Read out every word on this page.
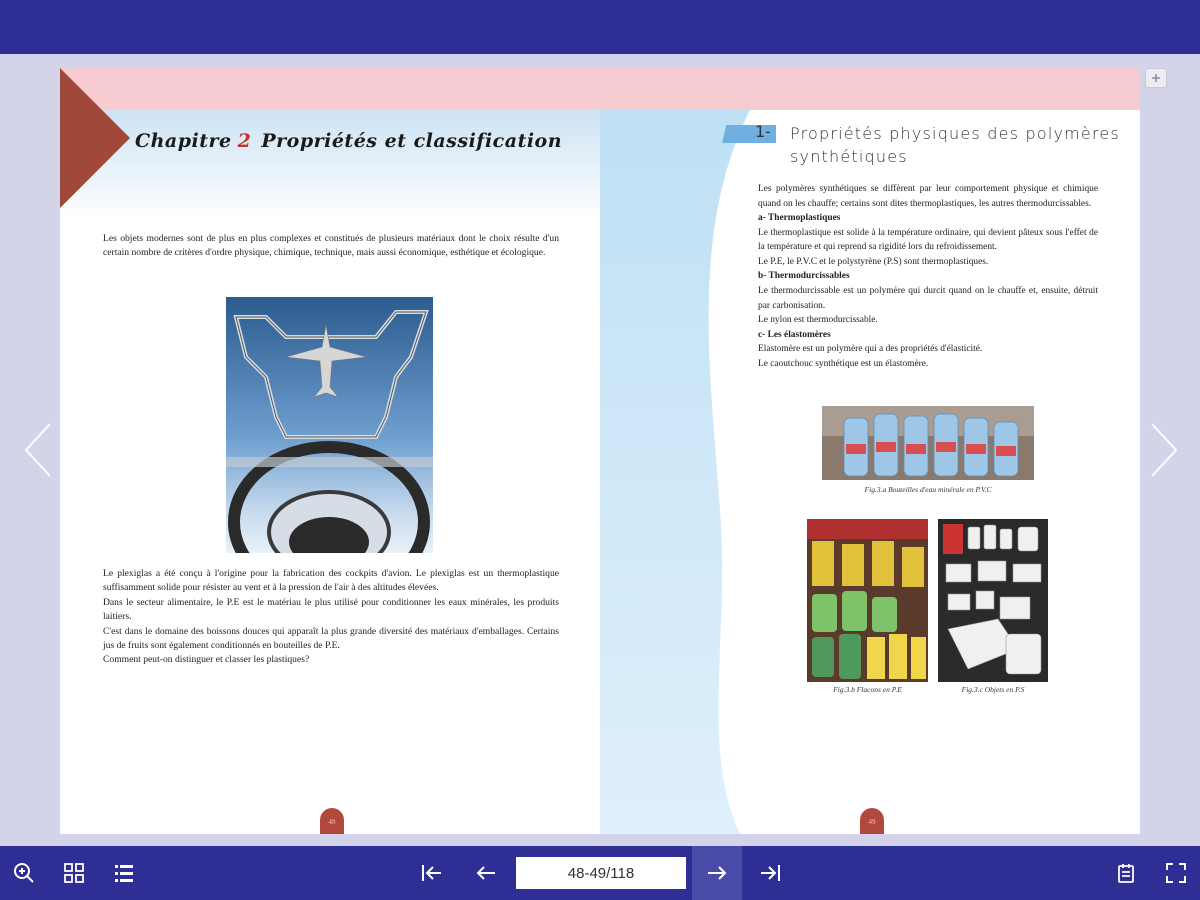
Chapitre 2 Propriétés et classification

Les objets modernes sont de plus en plus complexes et constitués de plusieurs matériaux dont le choix résulte d'un certain nombre de critères d'ordre physique, chimique, technique, mais aussi économique, esthétique et écologique.

Le plexiglas a été conçu à l'origine pour la fabrication des cockpits d'avion. Le plexiglas est un thermoplastique suffisamment solide pour résister au vent et à la pression de l'air à des altitudes élevées.

Dans le secteur alimentaire, le P.E est le matériau le plus utilisé pour conditionner les eaux minérales, les produits laitiers.

C'est dans le domaine des boissons douces qui apparaît la plus grande diversité des matériaux d'emballages. Certains jus de fruits sont également conditionnés en bouteilles de P.E.

Comment peut-on distinguer et classer les plastiques?

48
1- Propriétés physiques des polymères synthétiques

Les polymères synthétiques se diffèrent par leur comportement physique et chimique quand on les chauffe; certains sont dites thermoplastiques, les autres thermodurcissables.

a- Thermoplastiques

Le thermoplastique est solide à la température ordinaire, qui devient pâteux sous l'effet de la température et qui reprend sa rigidité lors du refroidissement.

Le P.E, le P.V.C et le polystyrène (P.S) sont thermoplastiques.

b- Thermodurcissables

Le thermodurcissable est un polymère qui durcit quand on le chauffe et, ensuite, détruit par carbonisation.

Le nylon est thermodurcissable.

c- Les élastomères

Elastomère est un polymère qui a des propriétés d'élasticité.

Le caoutchouc synthétique est un élastomère.

Fig.3.a Bouteilles d'eau minérale en P.V.C
Fig.3.b Flacons en P.E	Fig.3.c Objets en P.S
49
48-49/118
